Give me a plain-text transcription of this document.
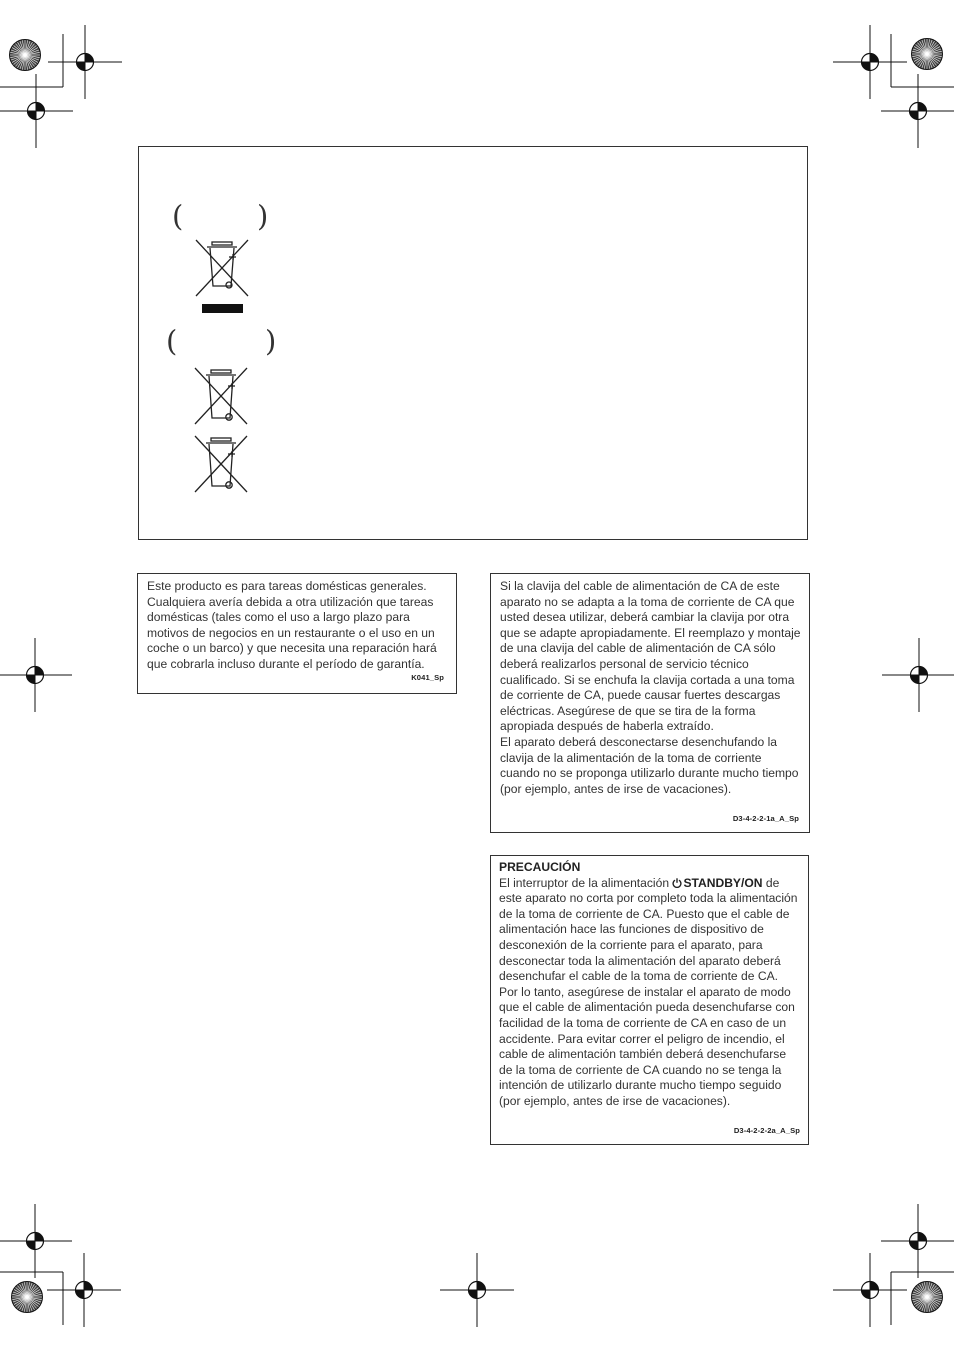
(	)
(	)

Este producto es para tareas domésticas generales. Cualquiera avería debida a otra utilización que tareas domésticas (tales como el uso a largo plazo para motivos de negocios en un restaurante o el uso en un coche o un barco) y que necesita una reparación hará que cobrarla incluso durante el período de garantía.

K041_Sp

Si la clavija del cable de alimentación de CA de este aparato no se adapta a la toma de corriente de CA que usted desea utilizar, deberá cambiar la clavija por otra que se adapte apropiadamente. El reemplazo y montaje de una clavija del cable de alimentación de CA sólo deberá realizarlos personal de servicio técnico cualificado. Si se enchufa la clavija cortada a una toma de corriente de CA, puede causar fuertes descargas eléctricas. Asegúrese de que se tira de la forma apropiada después de haberla extraído.

El aparato deberá desconectarse desenchufando la clavija de la alimentación de la toma de corriente cuando no se proponga utilizarlo durante mucho tiempo (por ejemplo, antes de irse de vacaciones).

D3-4-2-2-1a_A_Sp

PRECAUCIÓN

El interruptor de la alimentación STANDBY/ON de este aparato no corta por completo toda la alimentación de la toma de corriente de CA. Puesto que el cable de alimentación hace las funciones de dispositivo de desconexión de la corriente para el aparato, para desconectar toda la alimentación del aparato deberá desenchufar el cable de la toma de corriente de CA. Por lo tanto, asegúrese de instalar el aparato de modo que el cable de alimentación pueda desenchufarse con facilidad de la toma de corriente de CA en caso de un accidente. Para evitar correr el peligro de incendio, el cable de alimentación también deberá desenchufarse de la toma de corriente de CA cuando no se tenga la intención de utilizarlo durante mucho tiempo seguido (por ejemplo, antes de irse de vacaciones).

D3-4-2-2-2a_A_Sp
